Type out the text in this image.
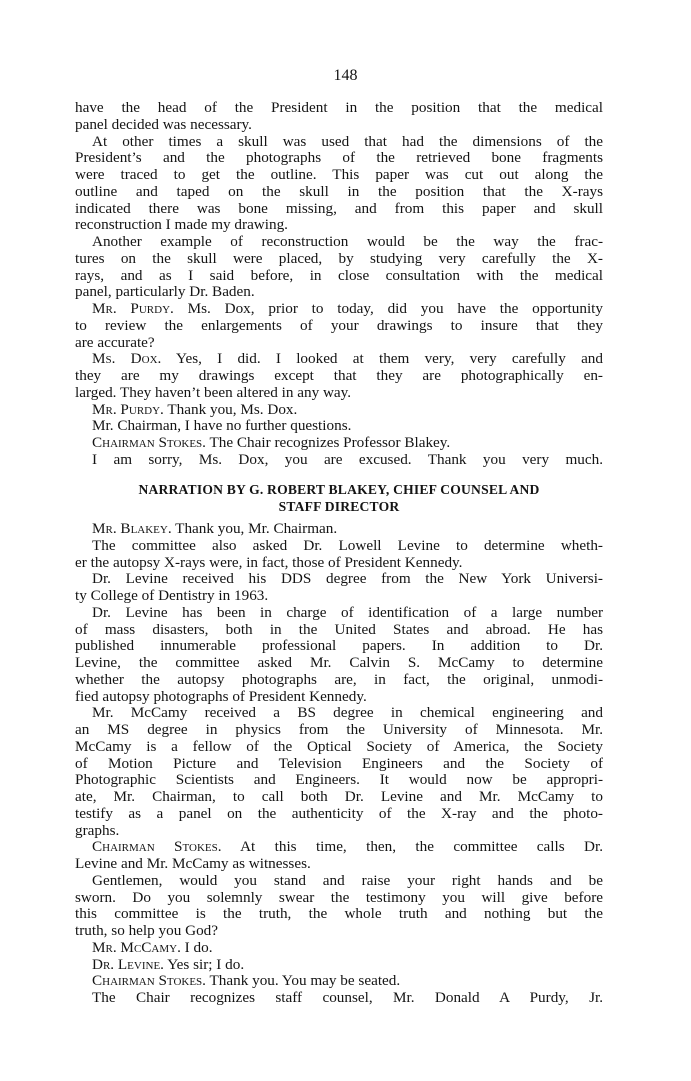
148
have the head of the President in the position that the medical
panel decided was necessary.
At other times a skull was used that had the dimensions of the
President’s and the photographs of the retrieved bone fragments
were traced to get the outline. This paper was cut out along the
outline and taped on the skull in the position that the X-rays
indicated there was bone missing, and from this paper and skull
reconstruction I made my drawing.
Another example of reconstruction would be the way the frac-
tures on the skull were placed, by studying very carefully the X-
rays, and as I said before, in close consultation with the medical
panel, particularly Dr. Baden.
Mr. Purdy. Ms. Dox, prior to today, did you have the opportunity
to review the enlargements of your drawings to insure that they
are accurate?
Ms. Dox. Yes, I did. I looked at them very, very carefully and
they are my drawings except that they are photographically en-
larged. They haven’t been altered in any way.
Mr. Purdy. Thank you, Ms. Dox.
Mr. Chairman, I have no further questions.
Chairman Stokes. The Chair recognizes Professor Blakey.
I am sorry, Ms. Dox, you are excused. Thank you very much.
NARRATION BY G. ROBERT BLAKEY, CHIEF COUNSEL AND
STAFF DIRECTOR
Mr. Blakey. Thank you, Mr. Chairman.
The committee also asked Dr. Lowell Levine to determine wheth-
er the autopsy X-rays were, in fact, those of President Kennedy.
Dr. Levine received his DDS degree from the New York Universi-
ty College of Dentistry in 1963.
Dr. Levine has been in charge of identification of a large number
of mass disasters, both in the United States and abroad. He has
published innumerable professional papers. In addition to Dr.
Levine, the committee asked Mr. Calvin S. McCamy to determine
whether the autopsy photographs are, in fact, the original, unmodi-
fied autopsy photographs of President Kennedy.
Mr. McCamy received a BS degree in chemical engineering and
an MS degree in physics from the University of Minnesota. Mr.
McCamy is a fellow of the Optical Society of America, the Society
of Motion Picture and Television Engineers and the Society of
Photographic Scientists and Engineers. It would now be appropri-
ate, Mr. Chairman, to call both Dr. Levine and Mr. McCamy to
testify as a panel on the authenticity of the X-ray and the photo-
graphs.
Chairman Stokes. At this time, then, the committee calls Dr.
Levine and Mr. McCamy as witnesses.
Gentlemen, would you stand and raise your right hands and be
sworn. Do you solemnly swear the testimony you will give before
this committee is the truth, the whole truth and nothing but the
truth, so help you God?
Mr. McCamy. I do.
Dr. Levine. Yes sir; I do.
Chairman Stokes. Thank you. You may be seated.
The Chair recognizes staff counsel, Mr. Donald A Purdy, Jr.
